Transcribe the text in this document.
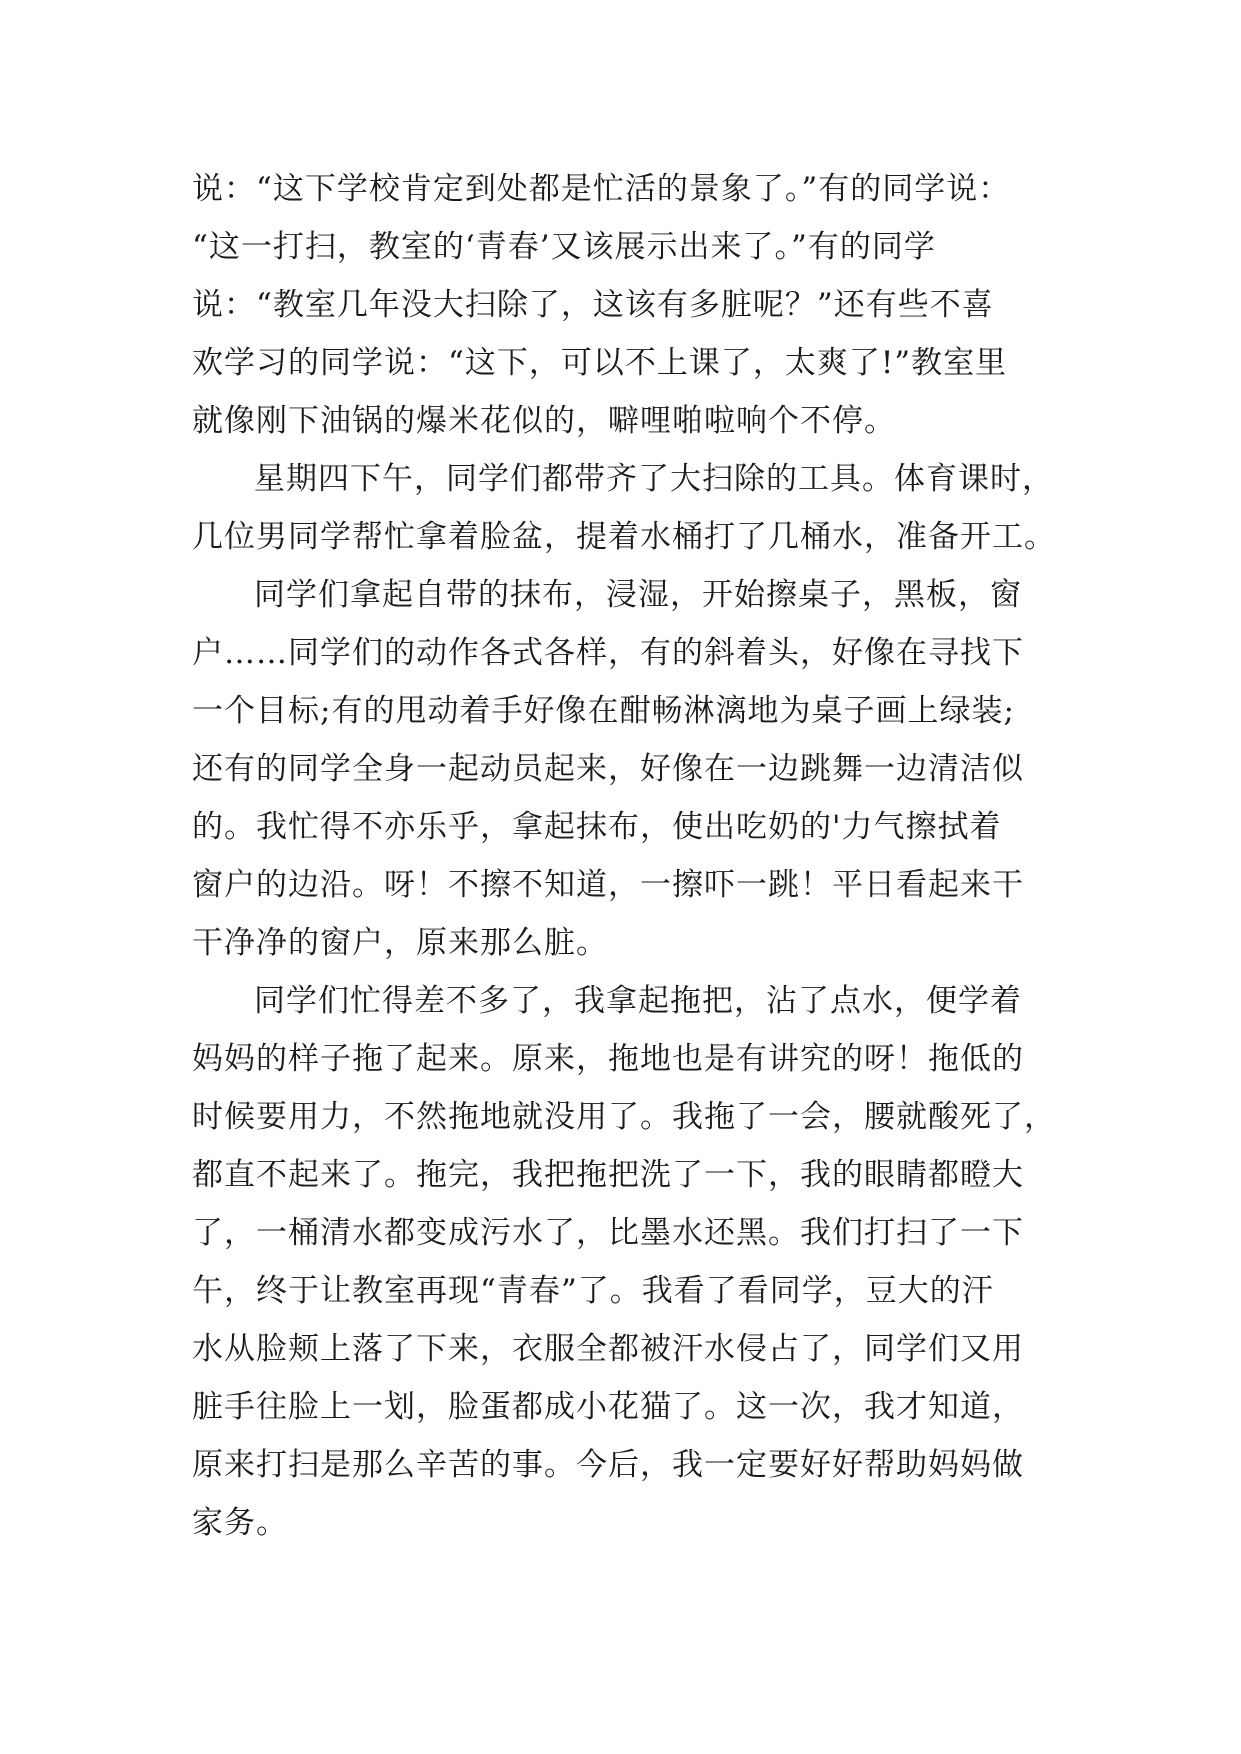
说：“这下学校肯定到处都是忙活的景象了。”有的同学说：
“这一打扫，教室的‘青春’又该展示出来了。”有的同学
说：“教室几年没大扫除了，这该有多脏呢？”还有些不喜
欢学习的同学说：“这下，可以不上课了，太爽了!”教室里
就像刚下油锅的爆米花似的，噼哩啪啦响个不停。
星期四下午，同学们都带齐了大扫除的工具。体育课时，
几位男同学帮忙拿着脸盆，提着水桶打了几桶水，准备开工。
同学们拿起自带的抹布，浸湿，开始擦桌子，黑板，窗
户……同学们的动作各式各样，有的斜着头，好像在寻找下
一个目标;有的甩动着手好像在酣畅淋漓地为桌子画上绿装;
还有的同学全身一起动员起来，好像在一边跳舞一边清洁似
的。我忙得不亦乐乎，拿起抹布，使出吃奶的'力气擦拭着
窗户的边沿。呀！不擦不知道，一擦吓一跳！平日看起来干
干净净的窗户，原来那么脏。
同学们忙得差不多了，我拿起拖把，沾了点水，便学着
妈妈的样子拖了起来。原来，拖地也是有讲究的呀！拖低的
时候要用力，不然拖地就没用了。我拖了一会，腰就酸死了，
都直不起来了。拖完，我把拖把洗了一下，我的眼睛都瞪大
了，一桶清水都变成污水了，比墨水还黑。我们打扫了一下
午，终于让教室再现“青春”了。我看了看同学，豆大的汗
水从脸颊上落了下来，衣服全都被汗水侵占了，同学们又用
脏手往脸上一划，脸蛋都成小花猫了。这一次，我才知道，
原来打扫是那么辛苦的事。今后，我一定要好好帮助妈妈做
家务。
